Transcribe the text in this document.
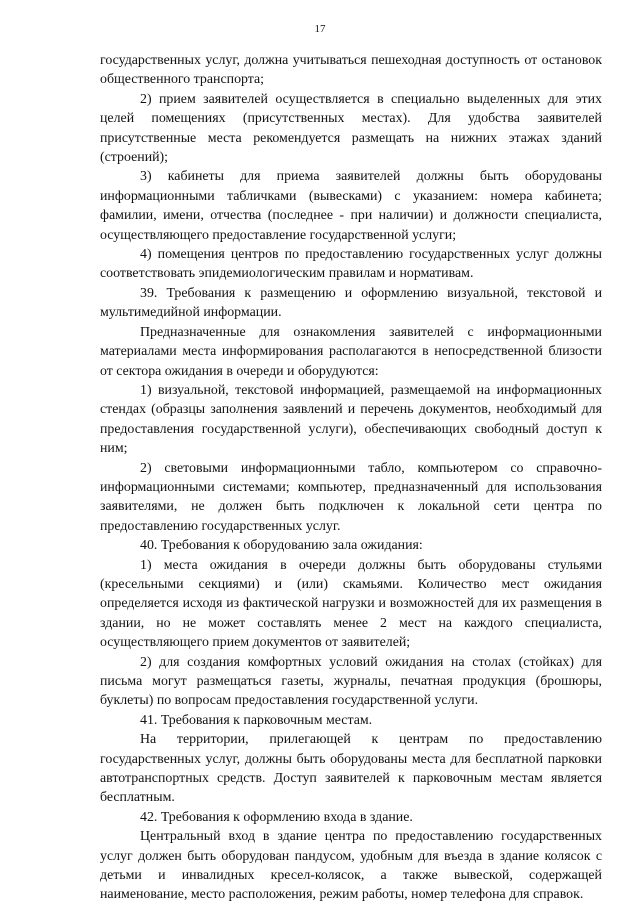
17

государственных услуг, должна учитываться пешеходная доступность от остановок общественного транспорта;

2) прием заявителей осуществляется в специально выделенных для этих целей помещениях (присутственных местах). Для удобства заявителей присутственные места рекомендуется размещать на нижних этажах зданий (строений);

3) кабинеты для приема заявителей должны быть оборудованы информационными табличками (вывесками) с указанием: номера кабинета; фамилии, имени, отчества (последнее - при наличии) и должности специалиста, осуществляющего предоставление государственной услуги;

4) помещения центров по предоставлению государственных услуг должны соответствовать эпидемиологическим правилам и нормативам.

39. Требования к размещению и оформлению визуальной, текстовой и мультимедийной информации.

Предназначенные для ознакомления заявителей с информационными материалами места информирования располагаются в непосредственной близости от сектора ожидания в очереди и оборудуются:

1) визуальной, текстовой информацией, размещаемой на информационных стендах (образцы заполнения заявлений и перечень документов, необходимый для предоставления государственной услуги), обеспечивающих свободный доступ к ним;

2) световыми информационными табло, компьютером со справочно-информационными системами; компьютер, предназначенный для использования заявителями, не должен быть подключен к локальной сети центра по предоставлению государственных услуг.

40. Требования к оборудованию зала ожидания:

1) места ожидания в очереди должны быть оборудованы стульями (кресельными секциями) и (или) скамьями. Количество мест ожидания определяется исходя из фактической нагрузки и возможностей для их размещения в здании, но не может составлять менее 2 мест на каждого специалиста, осуществляющего прием документов от заявителей;

2) для создания комфортных условий ожидания на столах (стойках) для письма могут размещаться газеты, журналы, печатная продукция (брошюры, буклеты) по вопросам предоставления государственной услуги.

41. Требования к парковочным местам.

На территории, прилегающей к центрам по предоставлению государственных услуг, должны быть оборудованы места для бесплатной парковки автотранспортных средств. Доступ заявителей к парковочным местам является бесплатным.

42. Требования к оформлению входа в здание.

Центральный вход в здание центра по предоставлению государственных услуг должен быть оборудован пандусом, удобным для въезда в здание колясок с детьми и инвалидных кресел-колясок, а также вывеской, содержащей наименование, место расположения, режим работы, номер телефона для справок.
